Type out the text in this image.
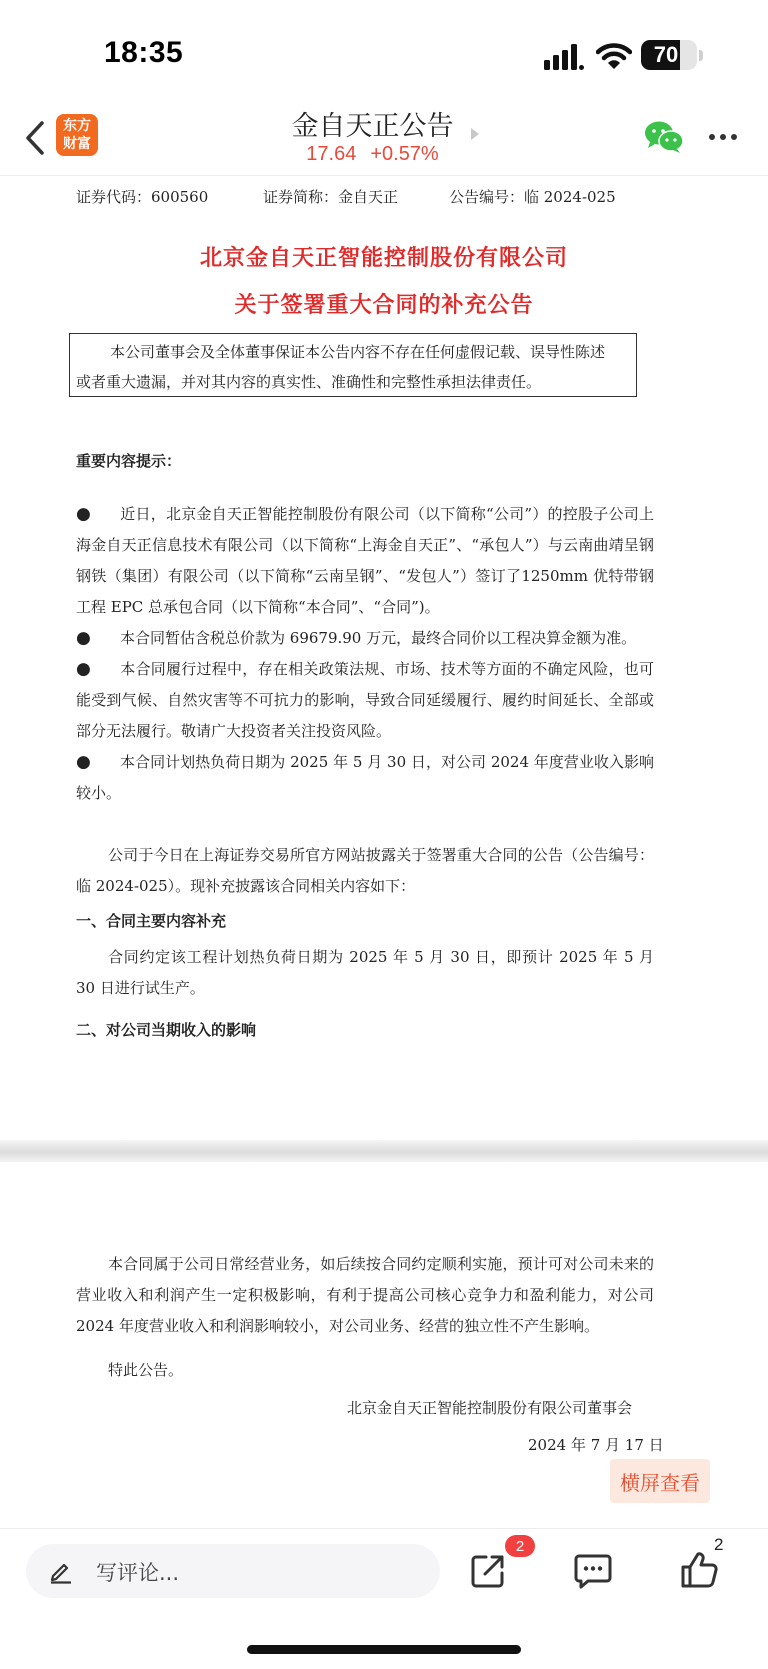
18:35	70
东方
财富
金自天正公告
17.64 +0.57%
证券代码：600560	证券简称：金自天正	公告编号：临 2024-025
北京金自天正智能控制股份有限公司
关于签署重大合同的补充公告
本公司董事会及全体董事保证本公告内容不存在任何虚假记载、误导性陈述
或者重大遗漏，并对其内容的真实性、准确性和完整性承担法律责任。
重要内容提示：
● 近日，北京金自天正智能控制股份有限公司（以下简称“公司”）的控股子公司上海金自天正信息技术有限公司（以下简称“上海金自天正”、“承包人”）与云南曲靖呈钢钢铁（集团）有限公司（以下简称“云南呈钢”、“发包人”）签订了1250mm 优特带钢工程 EPC 总承包合同（以下简称“本合同”、“合同”)。
● 本合同暂估含税总价款为 69679.90 万元，最终合同价以工程决算金额为准。
● 本合同履行过程中，存在相关政策法规、市场、技术等方面的不确定风险，也可能受到气候、自然灾害等不可抗力的影响，导致合同延缓履行、履约时间延长、全部或部分无法履行。敬请广大投资者关注投资风险。
● 本合同计划热负荷日期为 2025 年 5 月 30 日，对公司 2024 年度营业收入影响较小。
公司于今日在上海证券交易所官方网站披露关于签署重大合同的公告（公告编号：临 2024-025）。现补充披露该合同相关内容如下：
一、合同主要内容补充
合同约定该工程计划热负荷日期为 2025 年 5 月 30 日，即预计 2025 年 5 月 30 日进行试生产。
二、对公司当期收入的影响
本合同属于公司日常经营业务，如后续按合同约定顺利实施，预计可对公司未来的营业收入和利润产生一定积极影响，有利于提高公司核心竞争力和盈利能力，对公司 2024 年度营业收入和利润影响较小，对公司业务、经营的独立性不产生影响。
特此公告。
北京金自天正智能控制股份有限公司董事会
2024 年 7 月 17 日
横屏查看
写评论...
2	2
